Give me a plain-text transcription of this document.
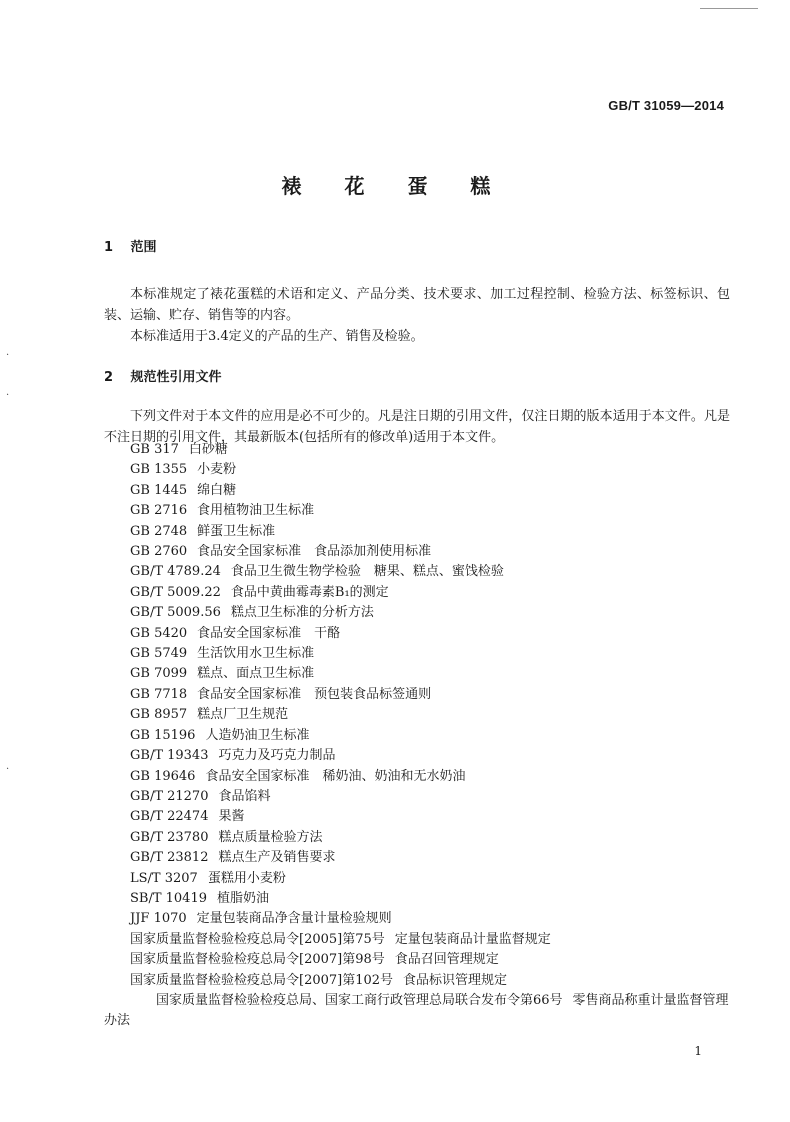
GB/T 31059—2014
裱 花 蛋 糕
1 范围
本标准规定了裱花蛋糕的术语和定义、产品分类、技术要求、加工过程控制、检验方法、标签标识、包装、运输、贮存、销售等的内容。
本标准适用于3.4定义的产品的生产、销售及检验。
2 规范性引用文件
下列文件对于本文件的应用是必不可少的。凡是注日期的引用文件，仅注日期的版本适用于本文件。凡是不注日期的引用文件，其最新版本(包括所有的修改单)适用于本文件。
GB 317 白砂糖
GB 1355 小麦粉
GB 1445 绵白糖
GB 2716 食用植物油卫生标准
GB 2748 鲜蛋卫生标准
GB 2760 食品安全国家标准　食品添加剂使用标准
GB/T 4789.24 食品卫生微生物学检验　糖果、糕点、蜜饯检验
GB/T 5009.22 食品中黄曲霉毒素B₁的测定
GB/T 5009.56 糕点卫生标准的分析方法
GB 5420 食品安全国家标准　干酪
GB 5749 生活饮用水卫生标准
GB 7099 糕点、面点卫生标准
GB 7718 食品安全国家标准　预包装食品标签通则
GB 8957 糕点厂卫生规范
GB 15196 人造奶油卫生标准
GB/T 19343 巧克力及巧克力制品
GB 19646 食品安全国家标准　稀奶油、奶油和无水奶油
GB/T 21270 食品馅料
GB/T 22474 果酱
GB/T 23780 糕点质量检验方法
GB/T 23812 糕点生产及销售要求
LS/T 3207 蛋糕用小麦粉
SB/T 10419 植脂奶油
JJF 1070 定量包装商品净含量计量检验规则
国家质量监督检验检疫总局令[2005]第75号 定量包装商品计量监督规定
国家质量监督检验检疫总局令[2007]第98号 食品召回管理规定
国家质量监督检验检疫总局令[2007]第102号 食品标识管理规定
国家质量监督检验检疫总局、国家工商行政管理总局联合发布令第66号 零售商品称重计量监督管理办法
1
·
·
·
